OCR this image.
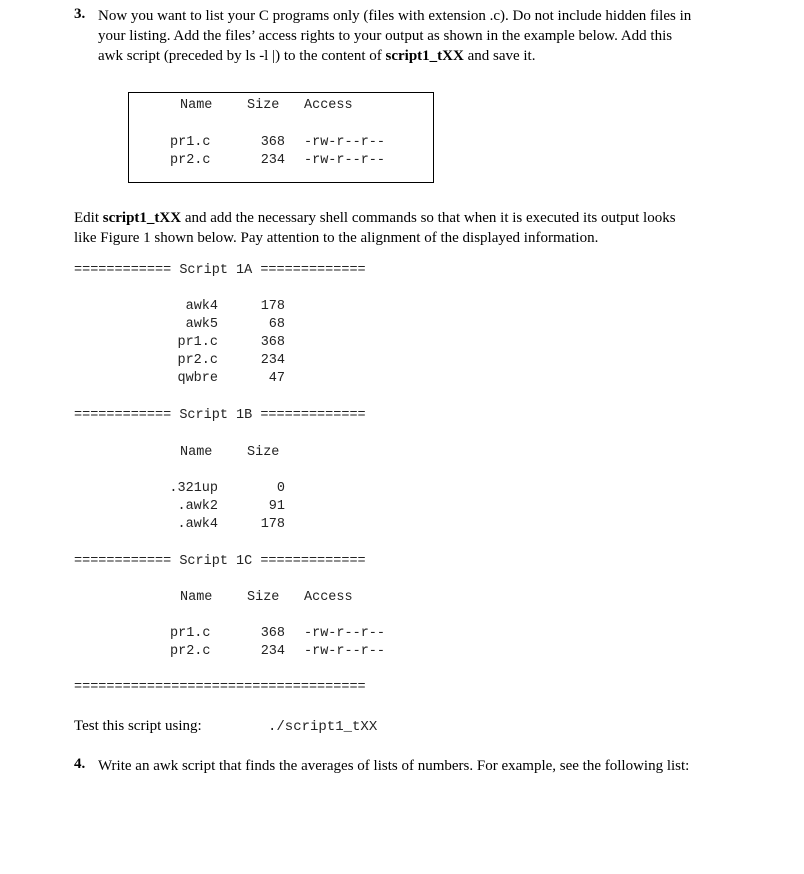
3. Now you want to list your C programs only (files with extension .c). Do not include hidden files in
your listing. Add the files’ access rights to your output as shown in the example below. Add this
awk script (preceded by ls -l |) to the content of script1_tXX and save it.
Name	Size Access
pr1.c	368 -rw-r--r--
pr2.c	234 -rw-r--r--
Edit script1_tXX and add the necessary shell commands so that when it is executed its output looks
like Figure 1 shown below. Pay attention to the alignment of the displayed information.
============ Script 1A =============
awk4	178
awk5	68
pr1.c	368
pr2.c	234
qwbre	47
============ Script 1B =============
Name	Size
.321up	0
.awk2	91
.awk4	178
============ Script 1C =============
Name	Size Access
pr1.c	368 -rw-r--r--
pr2.c	234 -rw-r--r--
====================================
Test this script using:	./script1_tXX
4. Write an awk script that finds the averages of lists of numbers. For example, see the following list:
